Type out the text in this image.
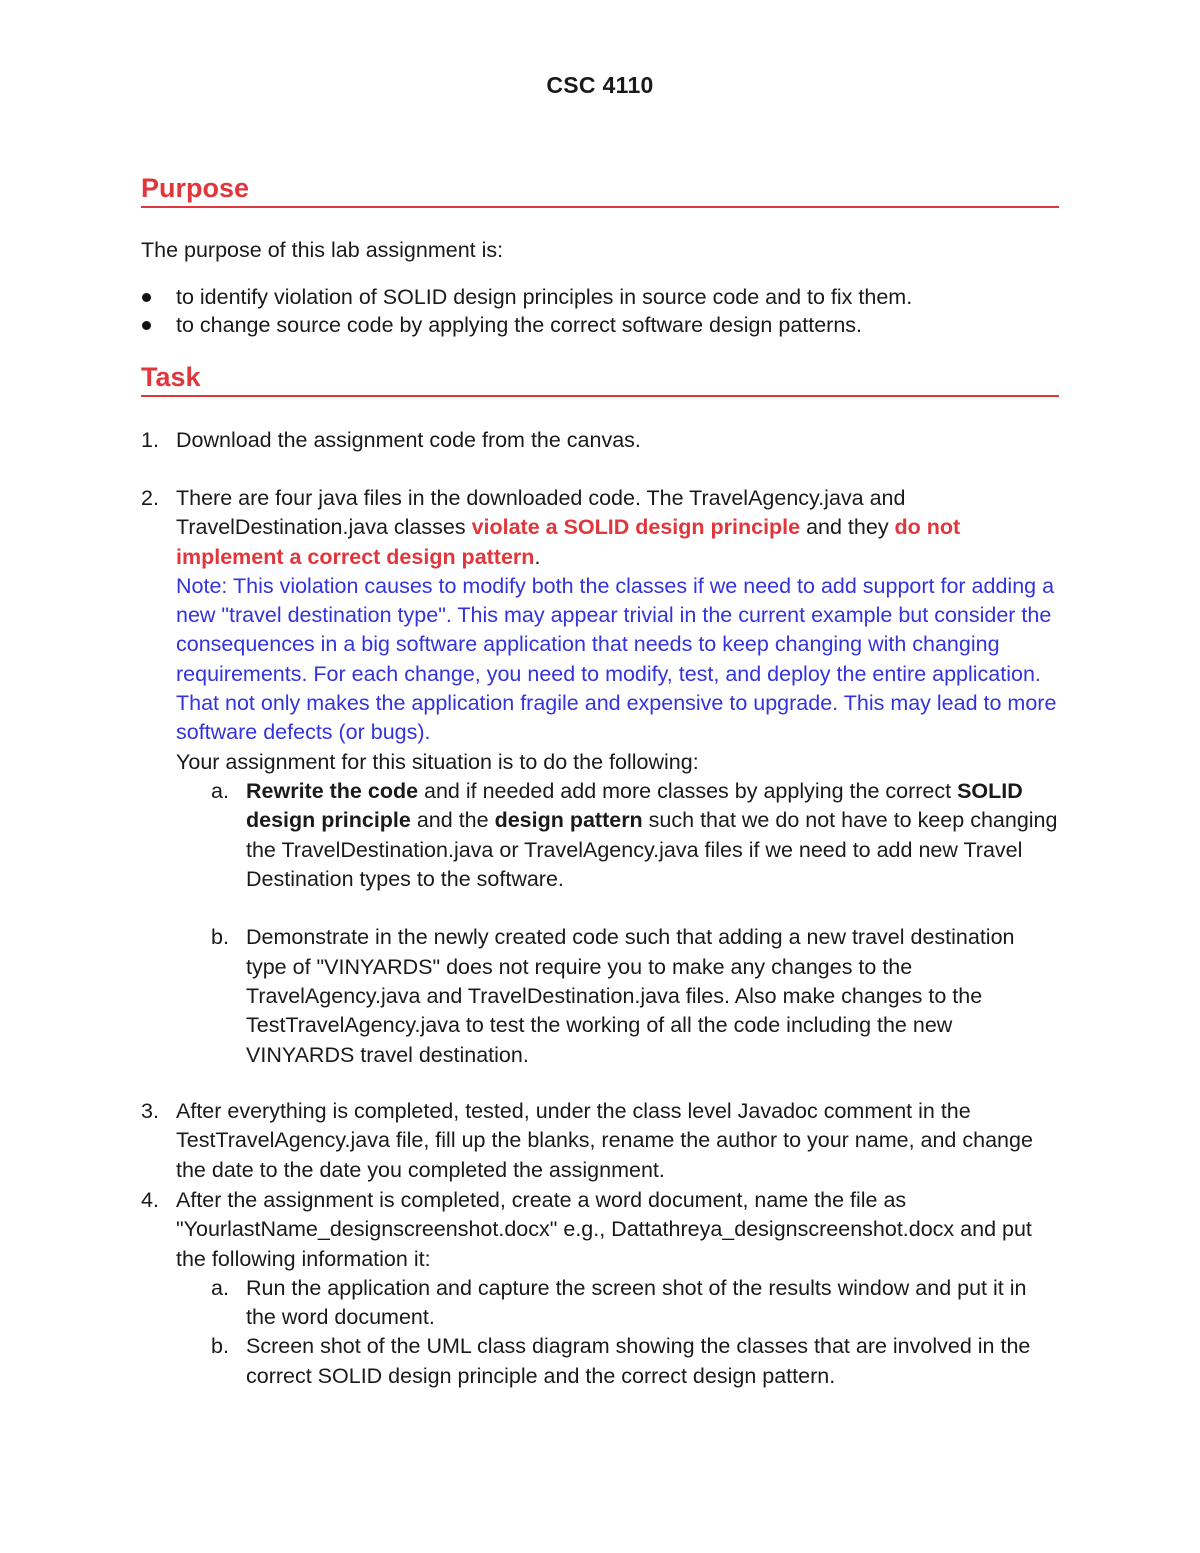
CSC 4110
Purpose
The purpose of this lab assignment is:
to identify violation of SOLID design principles in source code and to fix them.
to change source code by applying the correct software design patterns.
Task
1. Download the assignment code from the canvas.
2. There are four java files in the downloaded code. The TravelAgency.java and TravelDestination.java classes violate a SOLID design principle and they do not implement a correct design pattern.
Note: This violation causes to modify both the classes if we need to add support for adding a new "travel destination type". This may appear trivial in the current example but consider the consequences in a big software application that needs to keep changing with changing requirements. For each change, you need to modify, test, and deploy the entire application. That not only makes the application fragile and expensive to upgrade. This may lead to more software defects (or bugs).
Your assignment for this situation is to do the following:
a. Rewrite the code and if needed add more classes by applying the correct SOLID design principle and the design pattern such that we do not have to keep changing the TravelDestination.java or TravelAgency.java files if we need to add new Travel Destination types to the software.
b. Demonstrate in the newly created code such that adding a new travel destination type of "VINYARDS" does not require you to make any changes to the TravelAgency.java and TravelDestination.java files. Also make changes to the TestTravelAgency.java to test the working of all the code including the new VINYARDS travel destination.
3. After everything is completed, tested, under the class level Javadoc comment in the TestTravelAgency.java file, fill up the blanks, rename the author to your name, and change the date to the date you completed the assignment.
4. After the assignment is completed, create a word document, name the file as "YourlastName_designscreenshot.docx" e.g., Dattathreya_designscreenshot.docx and put the following information it:
a. Run the application and capture the screen shot of the results window and put it in the word document.
b. Screen shot of the UML class diagram showing the classes that are involved in the correct SOLID design principle and the correct design pattern.
